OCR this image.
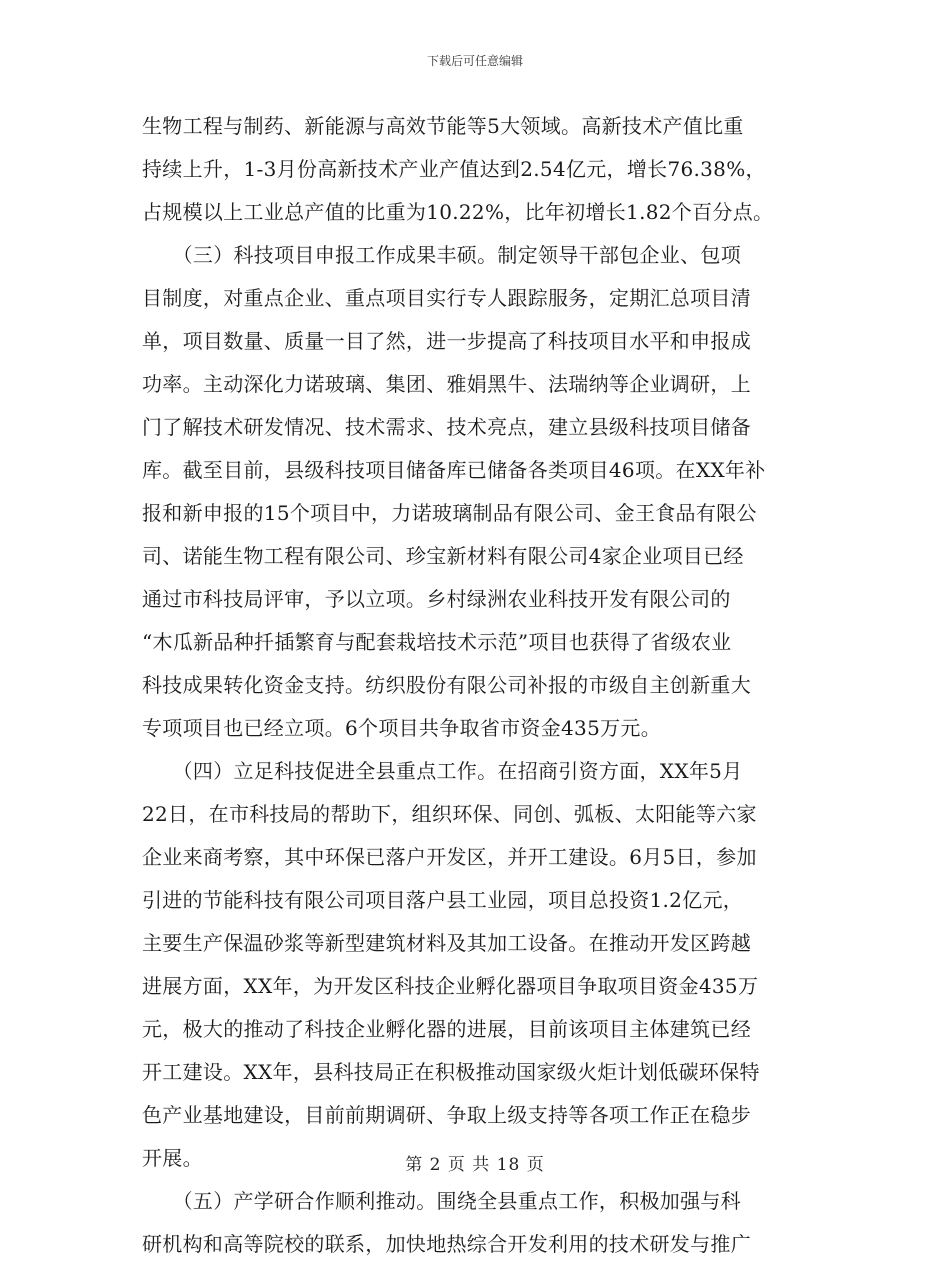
下载后可任意编辑
生物工程与制药、新能源与高效节能等5大领域。高新技术产值比重
持续上升，1-3月份高新技术产业产值达到2.54亿元，增长76.38%，
占规模以上工业总产值的比重为10.22%，比年初增长1.82个百分点。
　　（三）科技项目申报工作成果丰硕。制定领导干部包企业、包项
目制度，对重点企业、重点项目实行专人跟踪服务，定期汇总项目清
单，项目数量、质量一目了然，进一步提高了科技项目水平和申报成
功率。主动深化力诺玻璃、集团、雅娟黑牛、法瑞纳等企业调研，上
门了解技术研发情况、技术需求、技术亮点，建立县级科技项目储备
库。截至目前，县级科技项目储备库已储备各类项目46项。在XX年补
报和新申报的15个项目中，力诺玻璃制品有限公司、金王食品有限公
司、诺能生物工程有限公司、珍宝新材料有限公司4家企业项目已经
通过市科技局评审，予以立项。乡村绿洲农业科技开发有限公司的
“木瓜新品种扦插繁育与配套栽培技术示范”项目也获得了省级农业
科技成果转化资金支持。纺织股份有限公司补报的市级自主创新重大
专项项目也已经立项。6个项目共争取省市资金435万元。
　　（四）立足科技促进全县重点工作。在招商引资方面，XX年5月
22日，在市科技局的帮助下，组织环保、同创、弧板、太阳能等六家
企业来商考察，其中环保已落户开发区，并开工建设。6月5日，参加
引进的节能科技有限公司项目落户县工业园，项目总投资1.2亿元，
主要生产保温砂浆等新型建筑材料及其加工设备。在推动开发区跨越
进展方面，XX年，为开发区科技企业孵化器项目争取项目资金435万
元，极大的推动了科技企业孵化器的进展，目前该项目主体建筑已经
开工建设。XX年，县科技局正在积极推动国家级火炬计划低碳环保特
色产业基地建设，目前前期调研、争取上级支持等各项工作正在稳步
开展。
　　（五）产学研合作顺利推动。围绕全县重点工作，积极加强与科
研机构和高等院校的联系，加快地热综合开发利用的技术研发与推广
第 2 页 共 18 页
